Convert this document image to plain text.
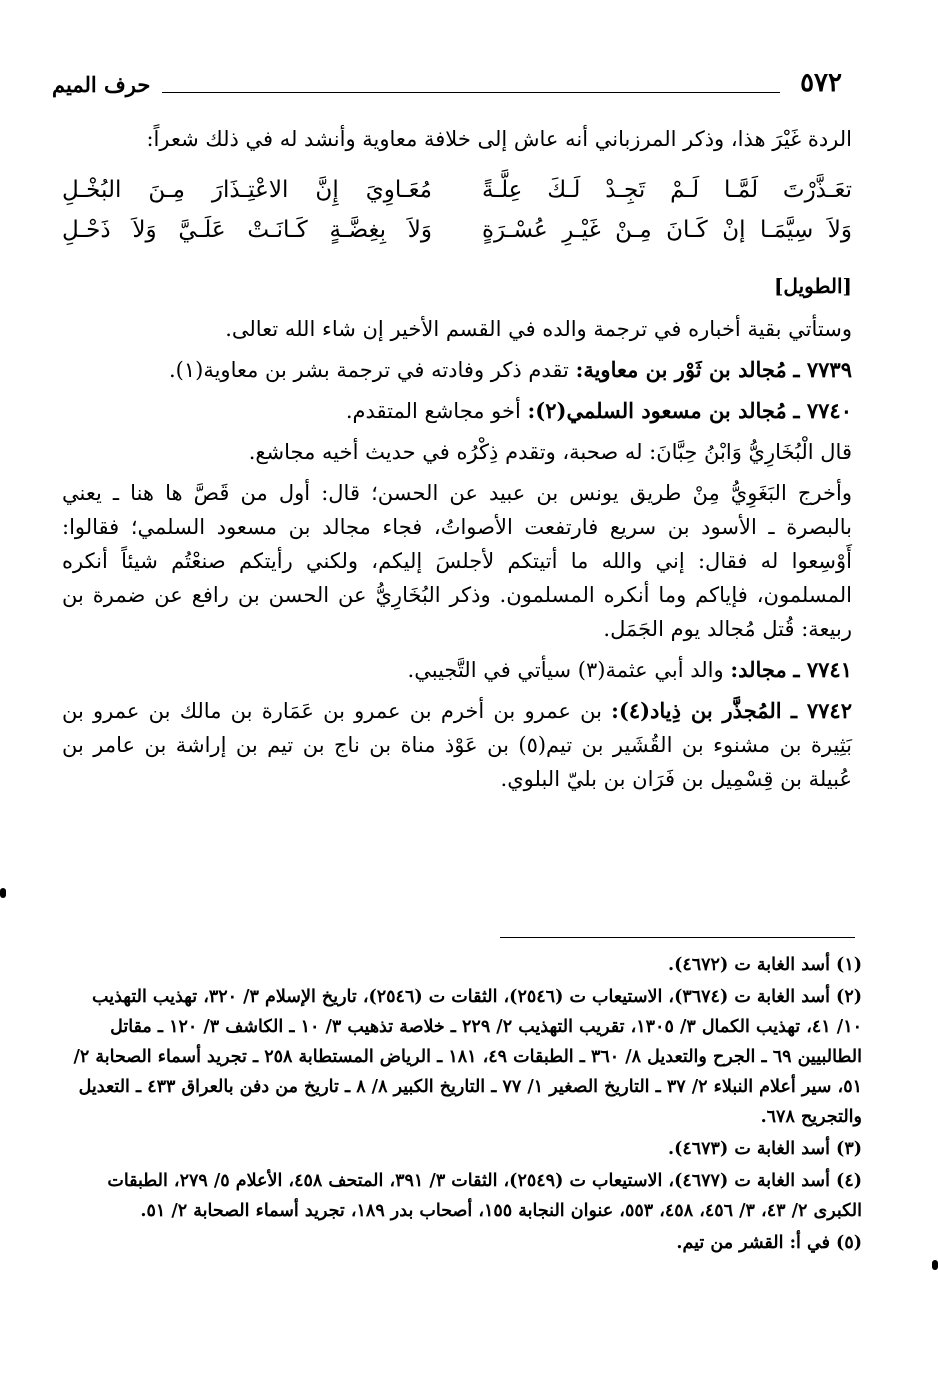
حرف الميم	٥٧٢

الردة غَيْرَ هذا، وذكر المرزباني أنه عاش إلى خلافة معاوية وأنشد له في ذلك شعراً:

تعَـذَّرْتَ لَمَّـا لَـمْ تَجِـدْ لَـكَ عِلَّـةً
مُعَـاوِيَ إِنَّ الاعْتِـذَارَ مِـنَ البُخْـلِ
وَلاَ سِيَّمَـا إنْ كَـانَ مِـنْ غَيْـرِ عُسْـرَةٍ
وَلاَ بِغِضَّـةٍ كَـانَـتْ عَلَـيَّ وَلاَ ذَحْـلِ
[الطويل]

وستأتي بقية أخباره في ترجمة والده في القسم الأخير إن شاء الله تعالى.

٧٧٣٩ ـ مُجالد بن ثَوْر بن معاوية: تقدم ذكر وفادته في ترجمة بشر بن معاوية(١).

٧٧٤٠ ـ مُجالد بن مسعود السلمي(٢): أخو مجاشع المتقدم.

قال الْبُخَارِيُّ وَابْنُ حِبَّانَ: له صحبة، وتقدم ذِكْرُه في حديث أخيه مجاشع.

وأخرج البَغَوِيُّ مِنْ طريق يونس بن عبيد عن الحسن؛ قال: أول من قَصَّ ها هنا ـ يعني بالبصرة ـ الأسود بن سريع فارتفعت الأصواتُ، فجاء مجالد بن مسعود السلمي؛ فقالوا: أَوْسِعوا له فقال: إني والله ما أتيتكم لأجلسَ إليكم، ولكني رأيتكم صنعْتُم شيئاً أنكره المسلمون، فإياكم وما أنكره المسلمون. وذكر البُخَارِيُّ عن الحسن بن رافع عن ضمرة بن ربيعة: قُتل مُجالد يوم الجَمَل.

٧٧٤١ ـ مجالد: والد أبي عثمة(٣) سيأتي في التَّجيبي.

٧٧٤٢ ـ المُجذَّر بن ذِياد(٤): بن عمرو بن أخرم بن عمرو بن عَمَارة بن مالك بن عمرو بن بَثِيرة بن مشنوء بن القُشَير بن تيم(٥) بن عَوْذ مناة بن ناج بن تيم بن إراشة بن عامر بن عُبيلة بن قِسْمِيل بن فَرَان بن بليّ البلوي.

(١) أسد الغابة ت (٤٦٧٢).
(٢) أسد الغابة ت (٣٦٧٤)، الاستيعاب ت (٢٥٤٦)، الثقات ت (٢٥٤٦)، تاريخ الإسلام ٣/ ٣٢٠، تهذيب التهذيب ١٠/ ٤١، تهذيب الكمال ٣/ ١٣٠٥، تقريب التهذيب ٢/ ٢٢٩ ـ خلاصة تذهيب ٣/ ١٠ ـ الكاشف ٣/ ١٢٠ ـ مقاتل الطالبيين ٦٩ ـ الجرح والتعديل ٨/ ٣٦٠ ـ الطبقات ٤٩، ١٨١ ـ الرياض المستطابة ٢٥٨ ـ تجريد أسماء الصحابة ٢/ ٥١، سير أعلام النبلاء ٢/ ٣٧ ـ التاريخ الصغير ١/ ٧٧ ـ التاريخ الكبير ٨/ ٨ ـ تاريخ من دفن بالعراق ٤٣٣ ـ التعديل والتجريح ٦٧٨.
(٣) أسد الغابة ت (٤٦٧٣).
(٤) أسد الغابة ت (٤٦٧٧)، الاستيعاب ت (٢٥٤٩)، الثقات ٣/ ٣٩١، المتحف ٤٥٨، الأعلام ٥/ ٢٧٩، الطبقات الكبرى ٢/ ٤٣، ٣/ ٤٥٦، ٤٥٨، ٥٥٣، عنوان النجابة ١٥٥، أصحاب بدر ١٨٩، تجريد أسماء الصحابة ٢/ ٥١.
(٥) في أ: القشر من تيم.
